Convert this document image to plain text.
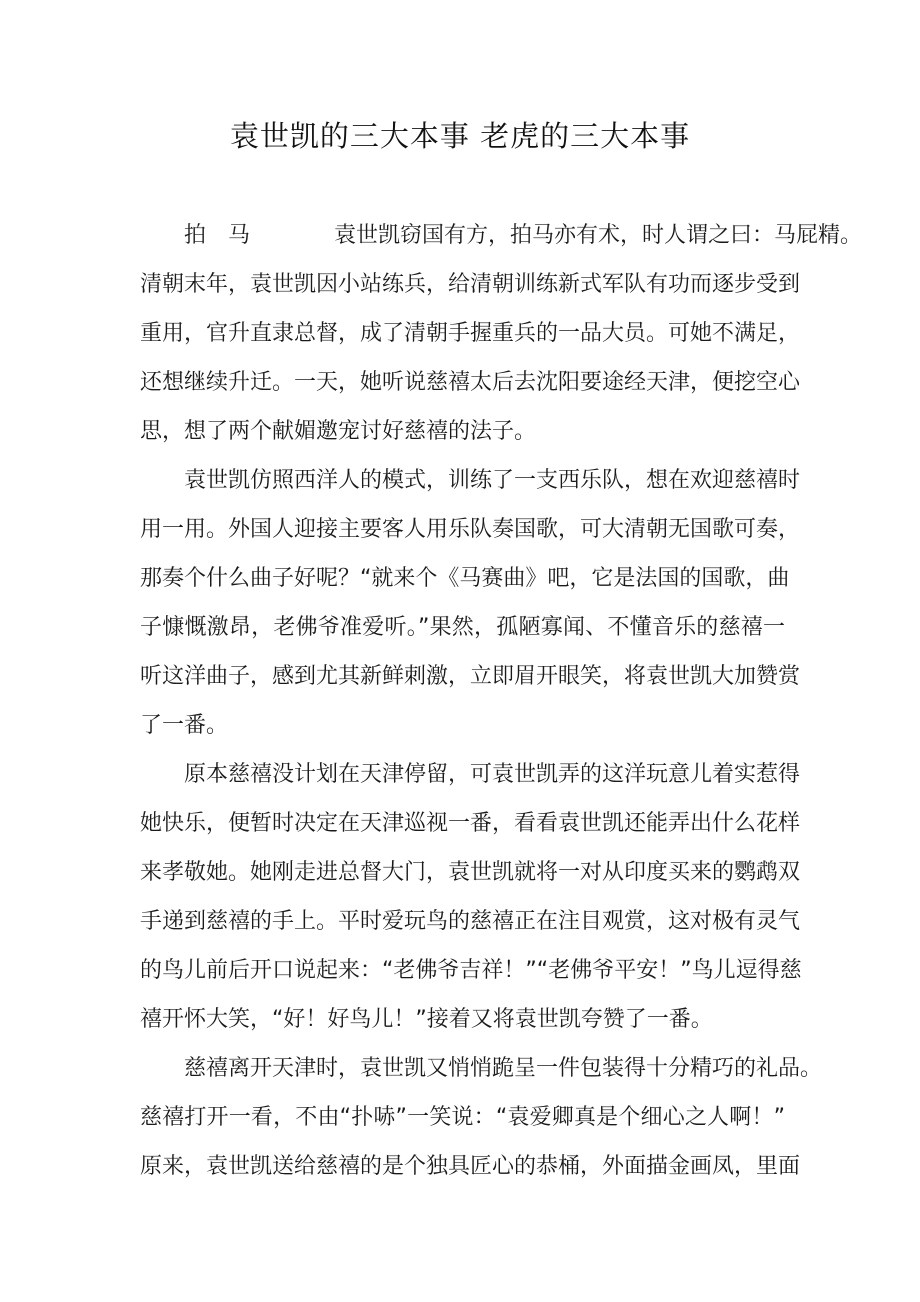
袁世凯的三大本事 老虎的三大本事
拍　马	袁世凯窃国有方，拍马亦有术，时人谓之曰：马屁精。
清朝末年，袁世凯因小站练兵，给清朝训练新式军队有功而逐步受到
重用，官升直隶总督，成了清朝手握重兵的一品大员。可她不满足，
还想继续升迁。一天，她听说慈禧太后去沈阳要途经天津，便挖空心
思，想了两个献媚邀宠讨好慈禧的法子。
袁世凯仿照西洋人的模式，训练了一支西乐队，想在欢迎慈禧时
用一用。外国人迎接主要客人用乐队奏国歌，可大清朝无国歌可奏，
那奏个什么曲子好呢？“就来个《马赛曲》吧，它是法国的国歌，曲
子慷慨激昂，老佛爷准爱听。”果然，孤陋寡闻、不懂音乐的慈禧一
听这洋曲子，感到尤其新鲜刺激，立即眉开眼笑，将袁世凯大加赞赏
了一番。
原本慈禧没计划在天津停留，可袁世凯弄的这洋玩意儿着实惹得
她快乐，便暂时决定在天津巡视一番，看看袁世凯还能弄出什么花样
来孝敬她。她刚走进总督大门，袁世凯就将一对从印度买来的鹦鹉双
手递到慈禧的手上。平时爱玩鸟的慈禧正在注目观赏，这对极有灵气
的鸟儿前后开口说起来：“老佛爷吉祥！”“老佛爷平安！”鸟儿逗得慈
禧开怀大笑，“好！好鸟儿！”接着又将袁世凯夸赞了一番。
慈禧离开天津时，袁世凯又悄悄跪呈一件包装得十分精巧的礼品。
慈禧打开一看，不由“扑哧”一笑说：“袁爱卿真是个细心之人啊！”
原来，袁世凯送给慈禧的是个独具匠心的恭桶，外面描金画凤，里面
